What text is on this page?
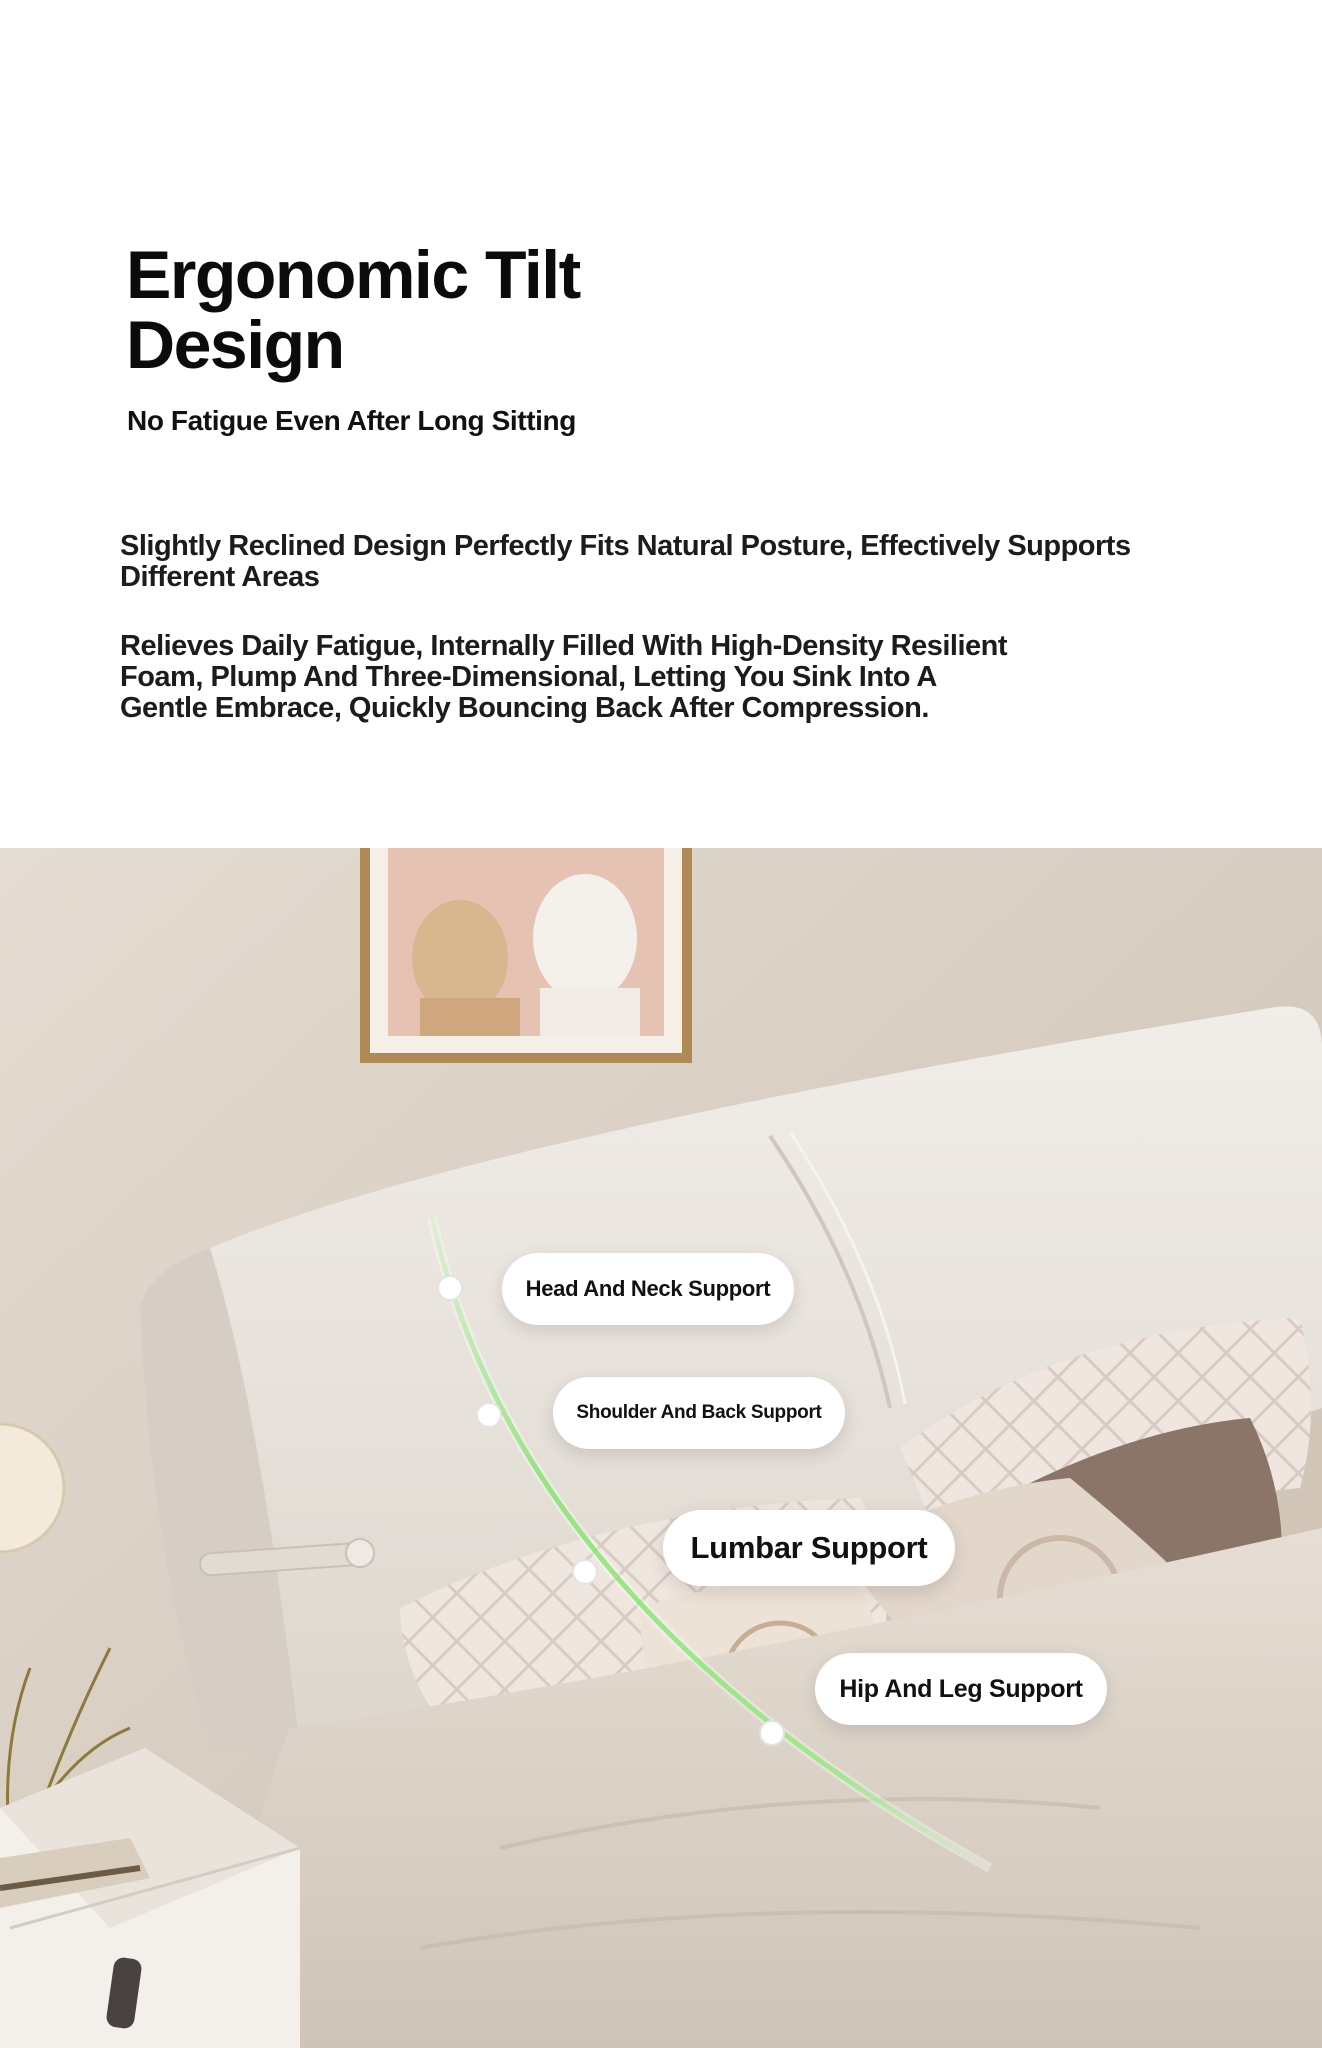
Ergonomic Tilt
Design

No Fatigue Even After Long Sitting

Slightly Reclined Design Perfectly Fits Natural Posture, Effectively Supports Different Areas

Relieves Daily Fatigue, Internally Filled With High-Density Resilient Foam, Plump And Three-Dimensional, Letting You Sink Into A Gentle Embrace, Quickly Bouncing Back After Compression.

Head And Neck Support
Shoulder And Back Support
Lumbar Support
Hip And Leg Support
